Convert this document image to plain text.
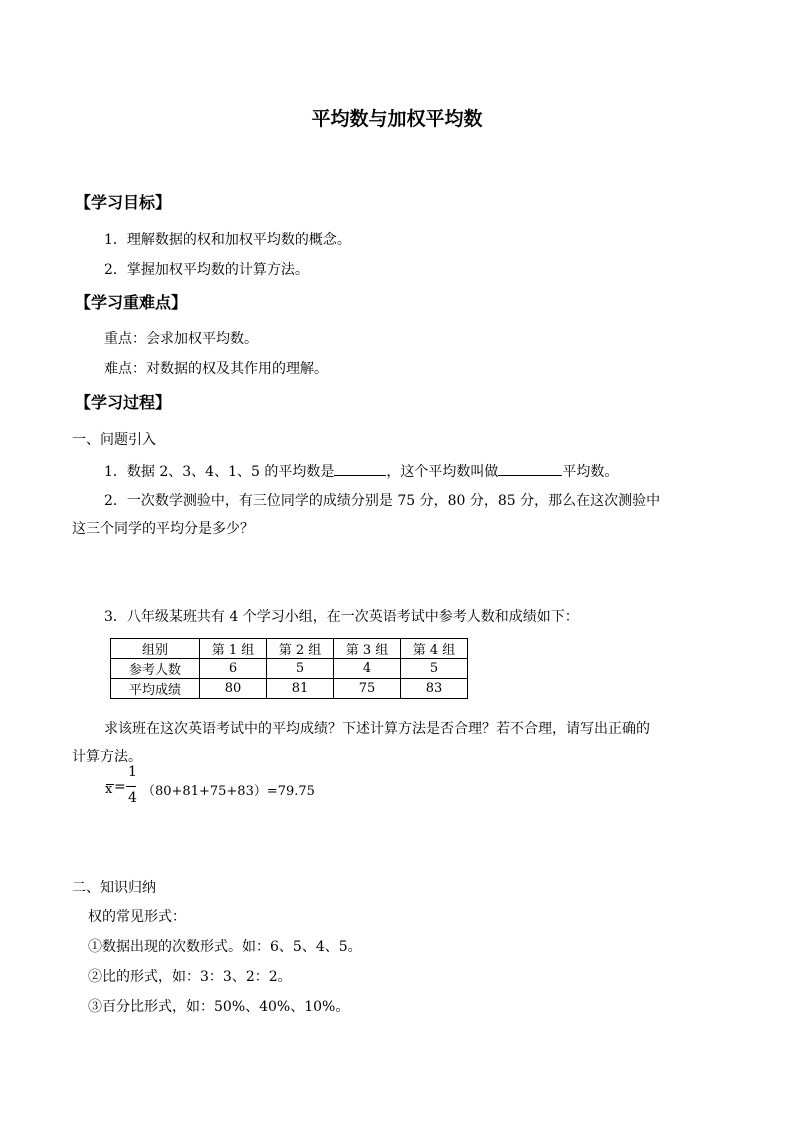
平均数与加权平均数
【学习目标】
1．理解数据的权和加权平均数的概念。
2．掌握加权平均数的计算方法。
【学习重难点】
重点：会求加权平均数。
难点：对数据的权及其作用的理解。
【学习过程】
一、问题引入
1．数据 2、3、4、1、5 的平均数是	，这个平均数叫做	平均数。
2．一次数学测验中，有三位同学的成绩分别是 75 分，80 分，85 分，那么在这次测验中
这三个同学的平均分是多少？
3．八年级某班共有 4 个学习小组，在一次英语考试中参考人数和成绩如下：
组别	第 1 组	第 2 组	第 3 组	第 4 组
参考人数	6	5	4	5
平均成绩	80	81	75	83
求该班在这次英语考试中的平均成绩？下述计算方法是否合理？若不合理，请写出正确的
计算方法。
x =
1
4 （80+81+75+83）=79.75
二、知识归纳
权的常见形式：
①数据出现的次数形式。如：6、5、4、5。
②比的形式，如：3：3、2：2。
③百分比形式，如：50%、40%、10%。
